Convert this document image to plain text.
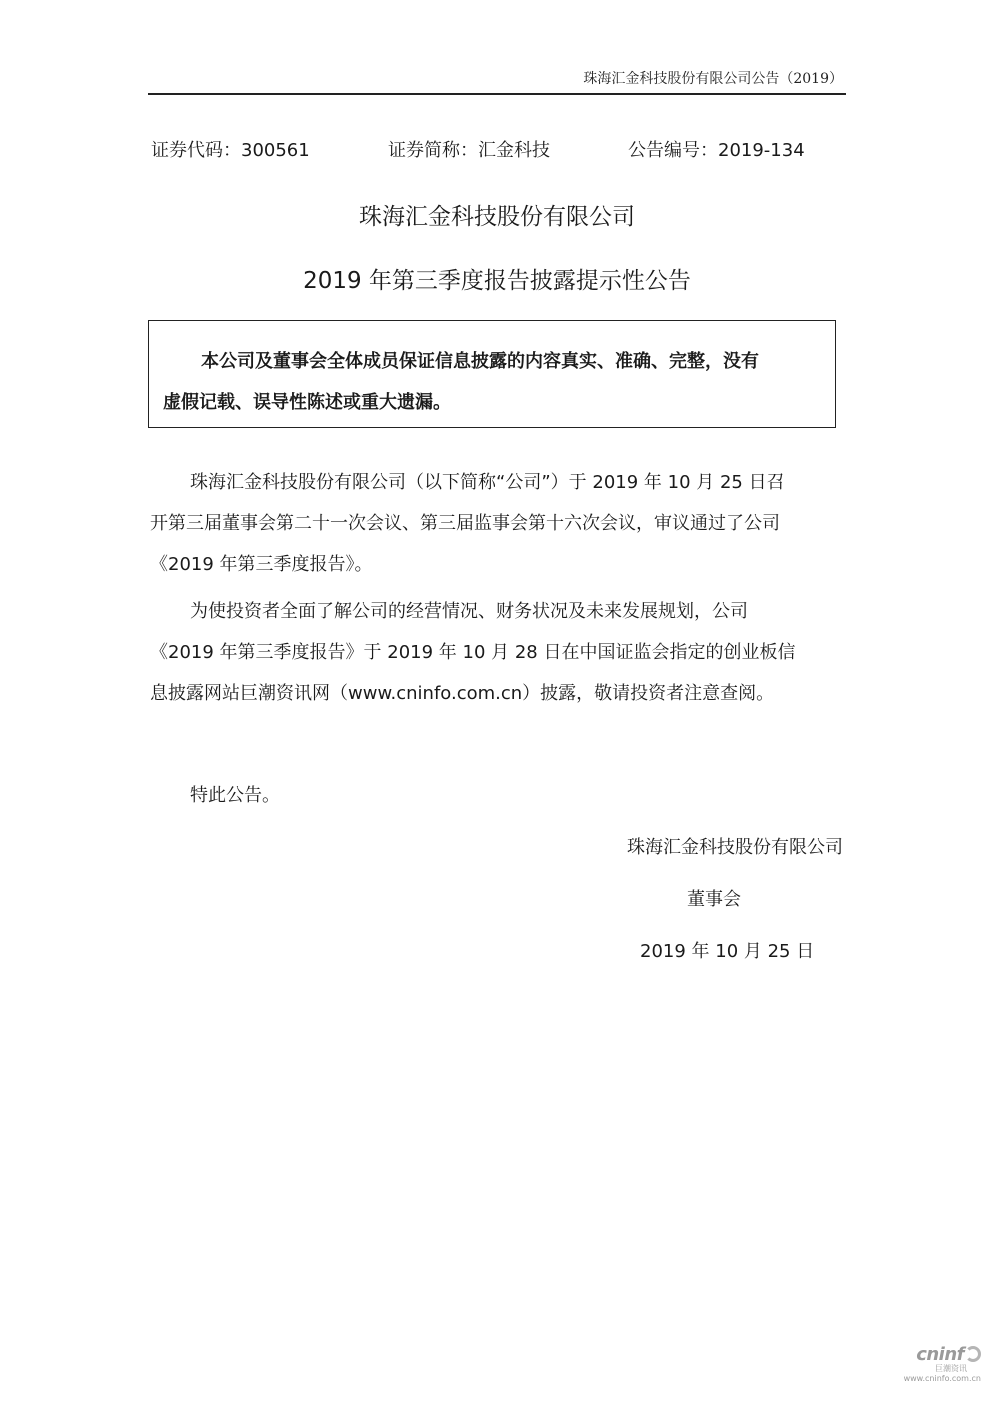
珠海汇金科技股份有限公司公告（2019）
证券代码：300561	证券简称：汇金科技	公告编号：2019-134
珠海汇金科技股份有限公司
2019 年第三季度报告披露提示性公告
本公司及董事会全体成员保证信息披露的内容真实、准确、完整，没有
虚假记载、误导性陈述或重大遗漏。
珠海汇金科技股份有限公司（以下简称“公司”）于 2019 年 10 月 25 日召
开第三届董事会第二十一次会议、第三届监事会第十六次会议，审议通过了公司
《2019 年第三季度报告》。
为使投资者全面了解公司的经营情况、财务状况及未来发展规划，公司
《2019 年第三季度报告》于 2019 年 10 月 28 日在中国证监会指定的创业板信
息披露网站巨潮资讯网（www.cninfo.com.cn）披露，敬请投资者注意查阅。
特此公告。
珠海汇金科技股份有限公司
董事会
2019 年 10 月 25 日
cninf
巨潮资讯
www.cninfo.com.cn
